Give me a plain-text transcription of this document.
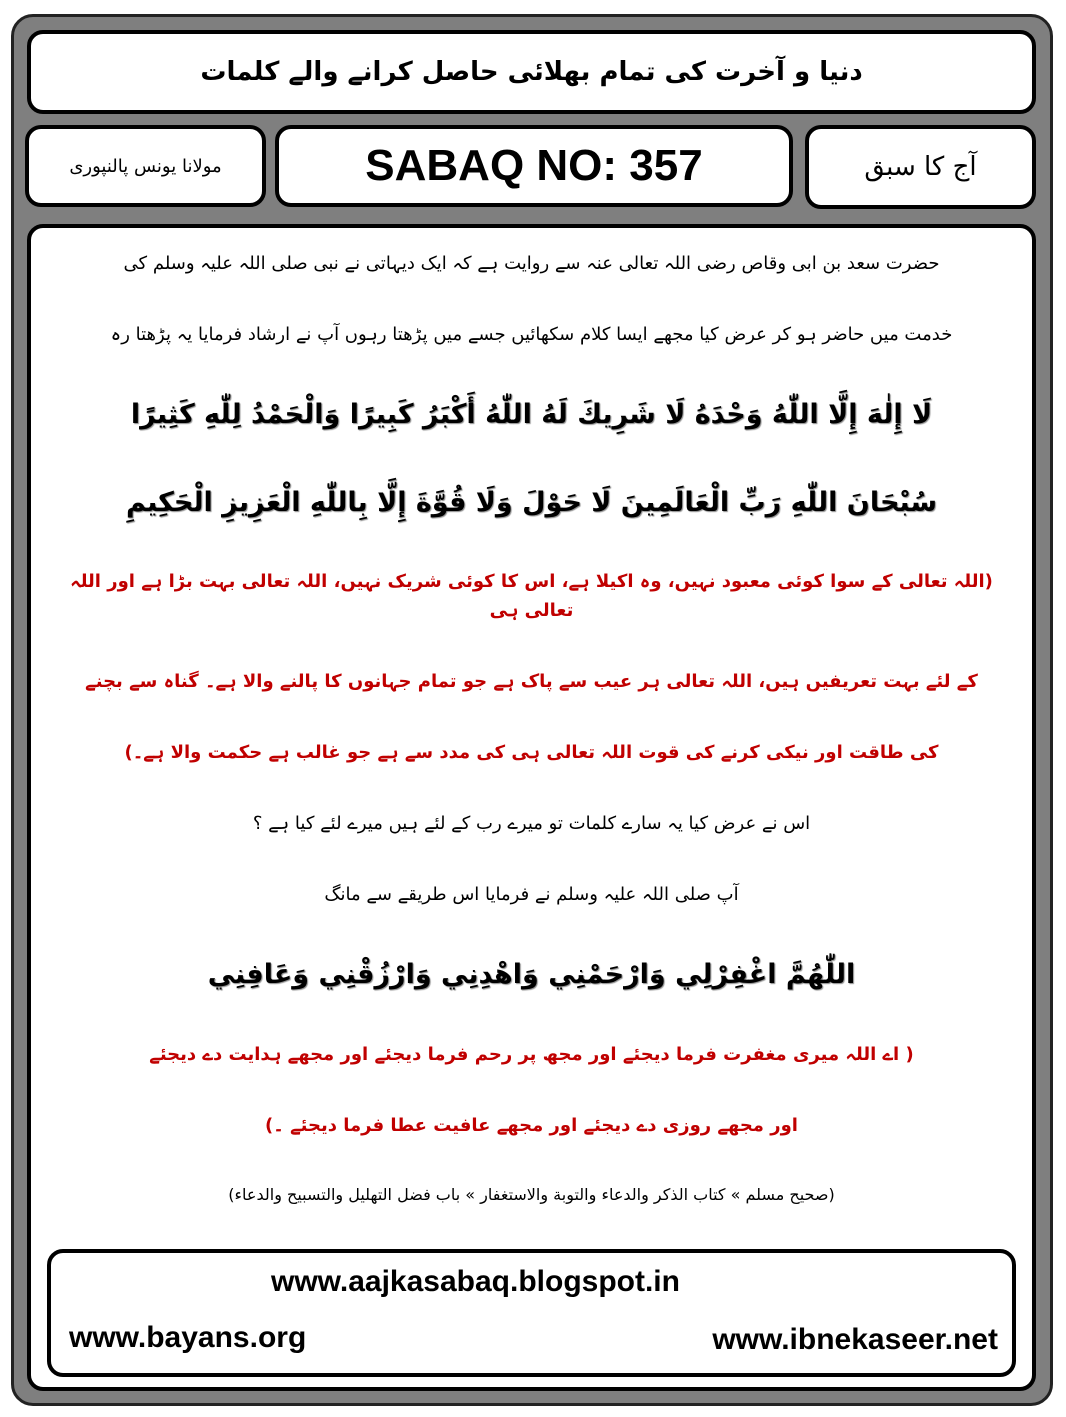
دنیا و آخرت کی تمام بھلائی حاصل کرانے والے کلمات
مولانا یونس پالنپوری	SABAQ NO: 357	آج کا سبق
حضرت سعد بن ابی وقاص رضی اللہ تعالی عنہ سے روایت ہے کہ ایک دیہاتی نے نبی صلی اللہ علیہ وسلم کی
خدمت میں حاضر ہو کر عرض کیا مجھے ایسا کلام سکھائیں جسے میں پڑھتا رہوں آپ نے ارشاد فرمایا یہ پڑھتا رہ
لَا إِلٰهَ إِلَّا اللّٰهُ وَحْدَهُ لَا شَرِيكَ لَهُ اللّٰهُ أَكْبَرُ كَبِيرًا وَالْحَمْدُ لِلّٰهِ كَثِيرًا
سُبْحَانَ اللّٰهِ رَبِّ الْعَالَمِينَ لَا حَوْلَ وَلَا قُوَّةَ إِلَّا بِاللّٰهِ الْعَزِيزِ الْحَكِيمِ
(اللہ تعالی کے سوا کوئی معبود نہیں، وہ اکیلا ہے، اس کا کوئی شریک نہیں، اللہ تعالی بہت بڑا ہے اور اللہ تعالی ہی
کے لئے بہت تعریفیں ہیں، اللہ تعالی ہر عیب سے پاک ہے جو تمام جہانوں کا پالنے والا ہے۔ گناہ سے بچنے
کی طاقت اور نیکی کرنے کی قوت اللہ تعالی ہی کی مدد سے ہے جو غالب ہے حکمت والا ہے۔)
اس نے عرض کیا یہ سارے کلمات تو میرے رب کے لئے ہیں میرے لئے کیا ہے ؟
آپ صلی اللہ علیہ وسلم نے فرمایا اس طریقے سے مانگ
اللّٰهُمَّ اغْفِرْلِي وَارْحَمْنِي وَاهْدِنِي وَارْزُقْنِي وَعَافِنِي
( اے اللہ میری مغفرت فرما دیجئے اور مجھ پر رحم فرما دیجئے اور مجھے ہدایت دے دیجئے
اور مجھے روزی دے دیجئے اور مجھے عافیت عطا فرما دیجئے ۔)
(صحيح مسلم » كتاب الذكر والدعاء والتوبة والاستغفار » باب فضل التهليل والتسبيح والدعاء)
www.aajkasabaq.blogspot.in
www.bayans.org	www.ibnekaseer.net
